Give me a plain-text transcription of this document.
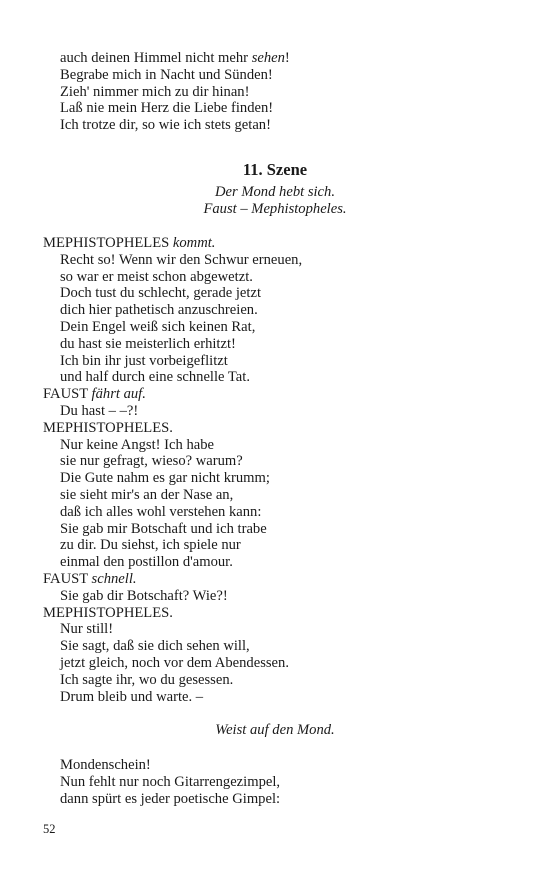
auch deinen Himmel nicht mehr sehen!
Begrabe mich in Nacht und Sünden!
Zieh' nimmer mich zu dir hinan!
Laß nie mein Herz die Liebe finden!
Ich trotze dir, so wie ich stets getan!
11. Szene
Der Mond hebt sich.
Faust – Mephistopheles.
MEPHISTOPHELES kommt.
Recht so! Wenn wir den Schwur erneuen,
so war er meist schon abgewetzt.
Doch tust du schlecht, gerade jetzt
dich hier pathetisch anzuschreien.
Dein Engel weiß sich keinen Rat,
du hast sie meisterlich erhitzt!
Ich bin ihr just vorbeigeflitzt
und half durch eine schnelle Tat.
FAUST fährt auf.
Du hast – –?!
MEPHISTOPHELES.
Nur keine Angst! Ich habe
sie nur gefragt, wieso? warum?
Die Gute nahm es gar nicht krumm;
sie sieht mir's an der Nase an,
daß ich alles wohl verstehen kann:
Sie gab mir Botschaft und ich trabe
zu dir. Du siehst, ich spiele nur
einmal den postillon d'amour.
FAUST schnell.
Sie gab dir Botschaft? Wie?!
MEPHISTOPHELES.
Nur still!
Sie sagt, daß sie dich sehen will,
jetzt gleich, noch vor dem Abendessen.
Ich sagte ihr, wo du gesessen.
Drum bleib und warte. –
Weist auf den Mond.
Mondenschein!
Nun fehlt nur noch Gitarrengezimpel,
dann spürt es jeder poetische Gimpel:
52
